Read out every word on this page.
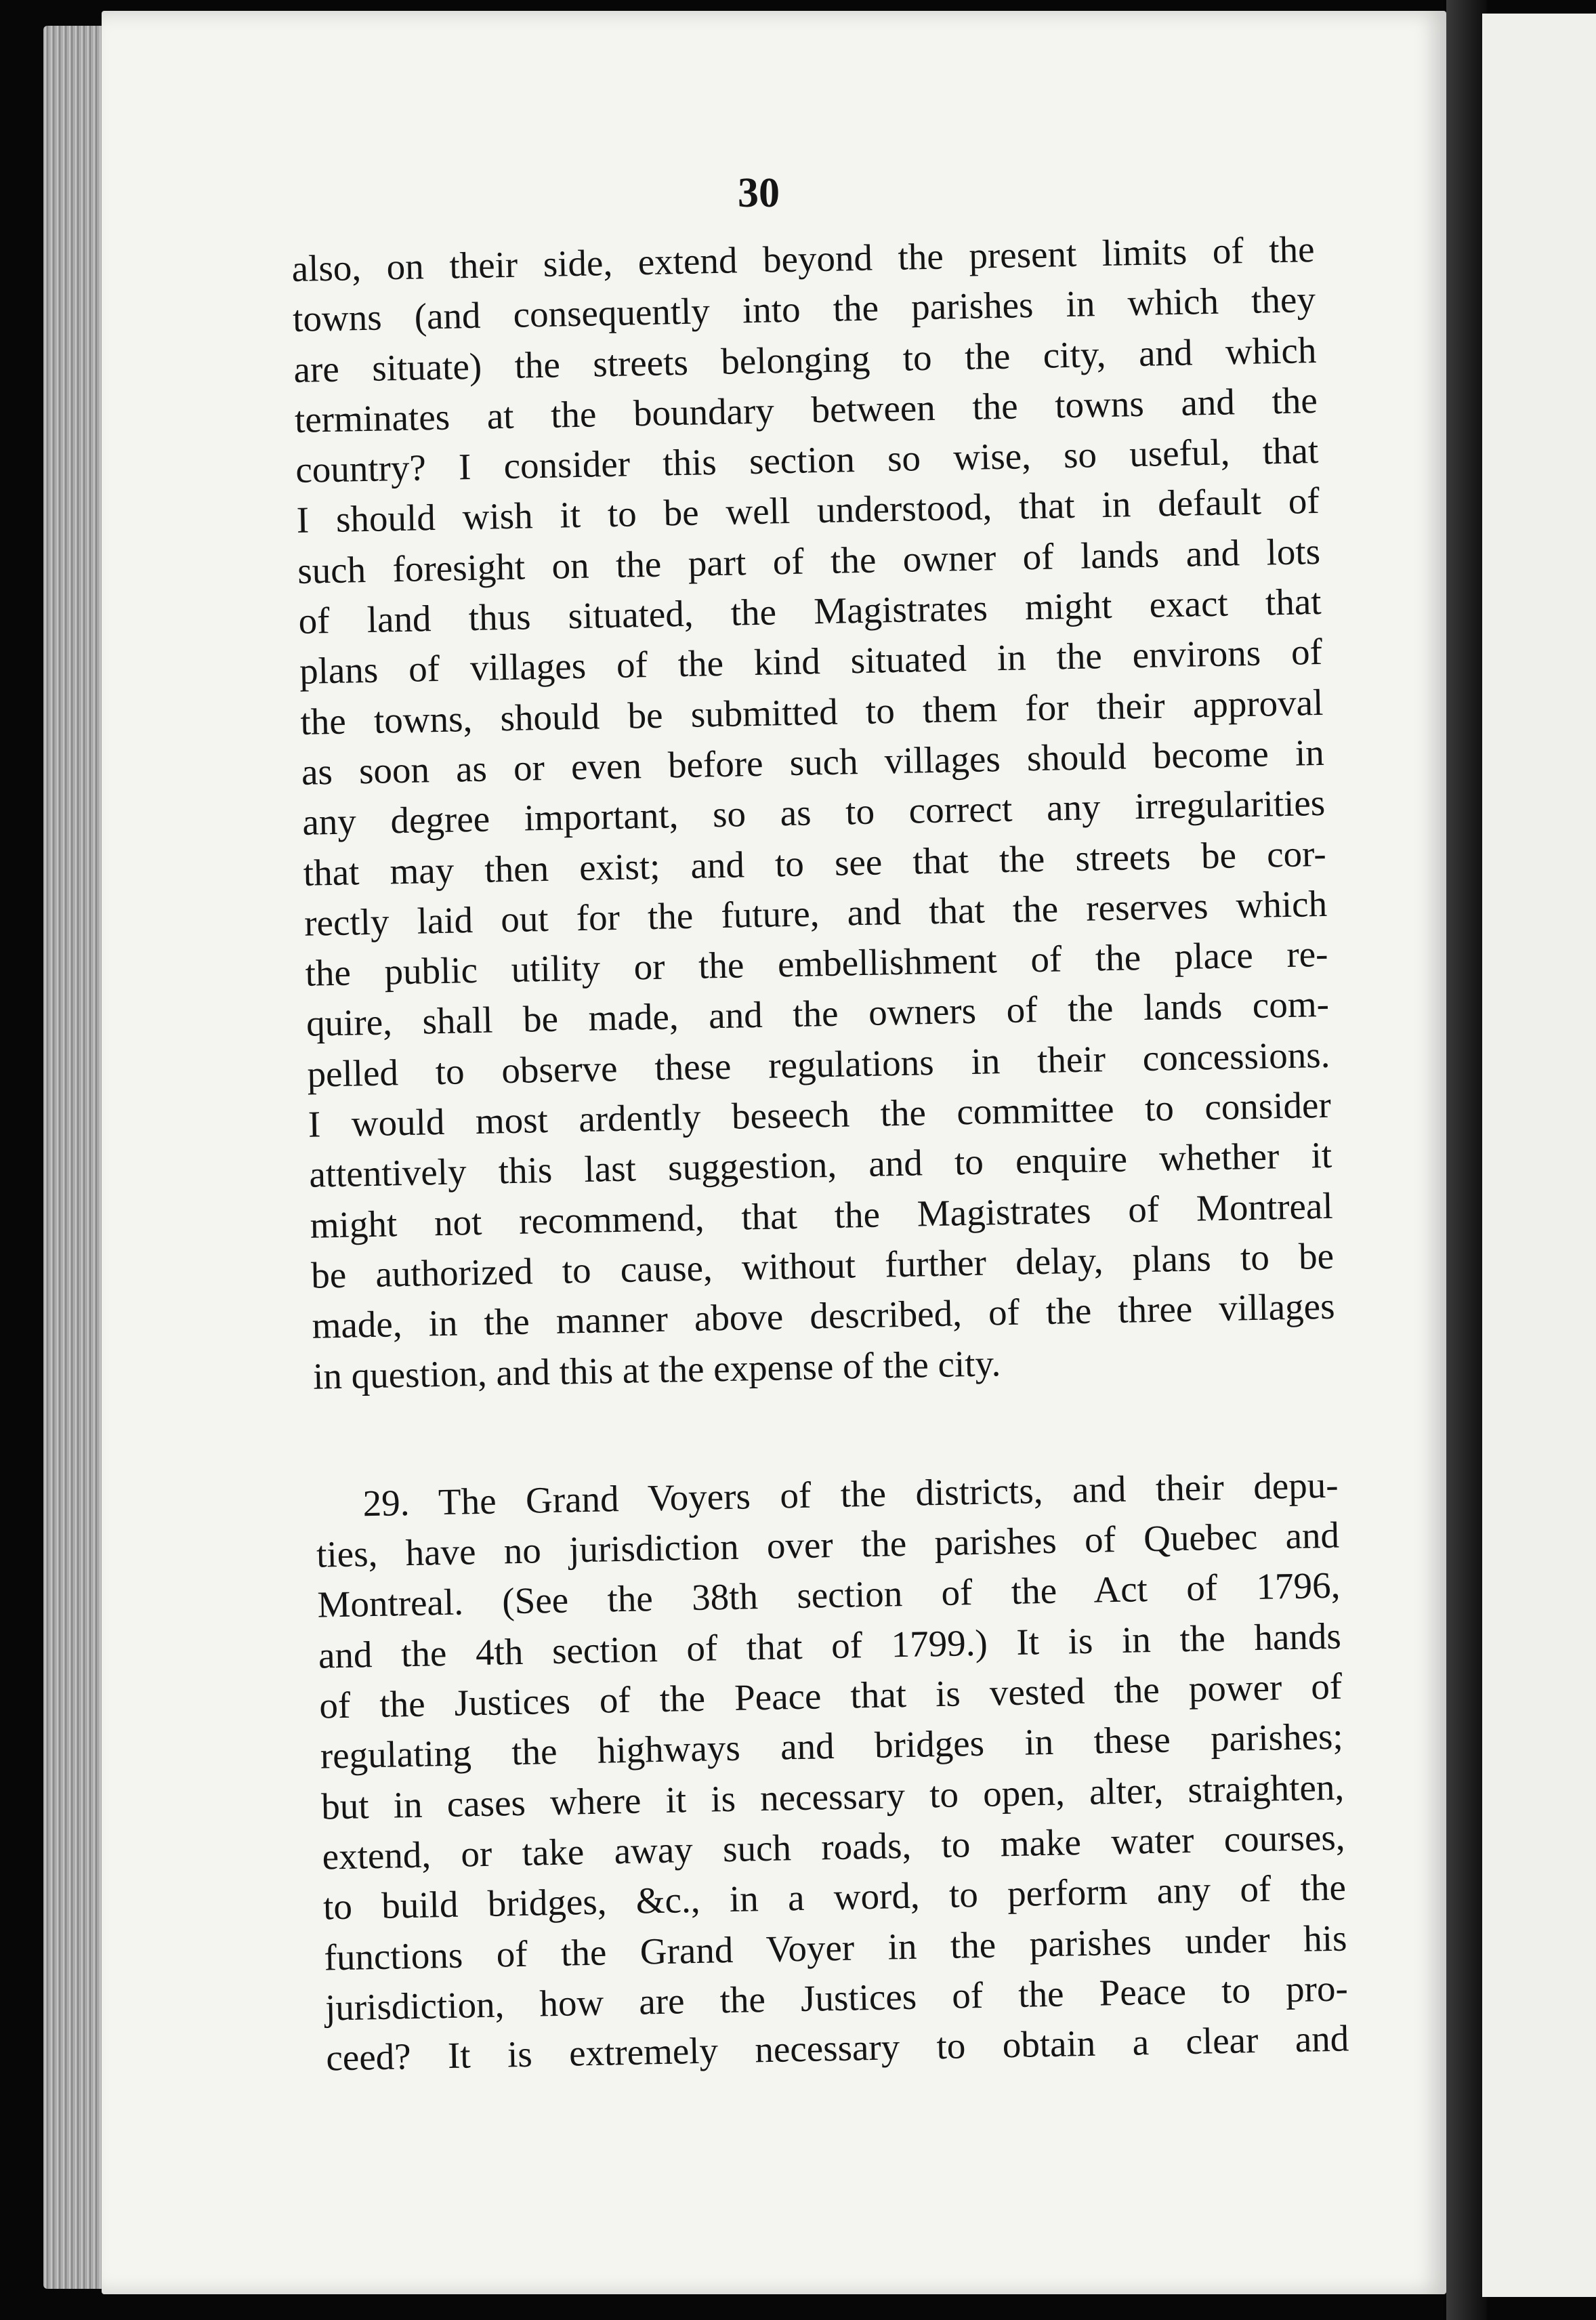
30
also, on their side, extend beyond the present limits of the
towns (and consequently into the parishes in which they
are situate) the streets belonging to the city, and which
terminates at the boundary between the towns and the
country? I consider this section so wise, so useful, that
I should wish it to be well understood, that in default of
such foresight on the part of the owner of lands and lots
of land thus situated, the Magistrates might exact that
plans of villages of the kind situated in the environs of
the towns, should be submitted to them for their approval
as soon as or even before such villages should become in
any degree important, so as to correct any irregularities
that may then exist; and to see that the streets be cor-
rectly laid out for the future, and that the reserves which
the public utility or the embellishment of the place re-
quire, shall be made, and the owners of the lands com-
pelled to observe these regulations in their concessions.
I would most ardently beseech the committee to consider
attentively this last suggestion, and to enquire whether it
might not recommend, that the Magistrates of Montreal
be authorized to cause, without further delay, plans to be
made, in the manner above described, of the three villages
in question, and this at the expense of the city.
29. The Grand Voyers of the districts, and their depu-
ties, have no jurisdiction over the parishes of Quebec and
Montreal. (See the 38th section of the Act of 1796,
and the 4th section of that of 1799.) It is in the hands
of the Justices of the Peace that is vested the power of
regulating the highways and bridges in these parishes;
but in cases where it is necessary to open, alter, straighten,
extend, or take away such roads, to make water courses,
to build bridges, &c., in a word, to perform any of the
functions of the Grand Voyer in the parishes under his
jurisdiction, how are the Justices of the Peace to pro-
ceed? It is extremely necessary to obtain a clear and
